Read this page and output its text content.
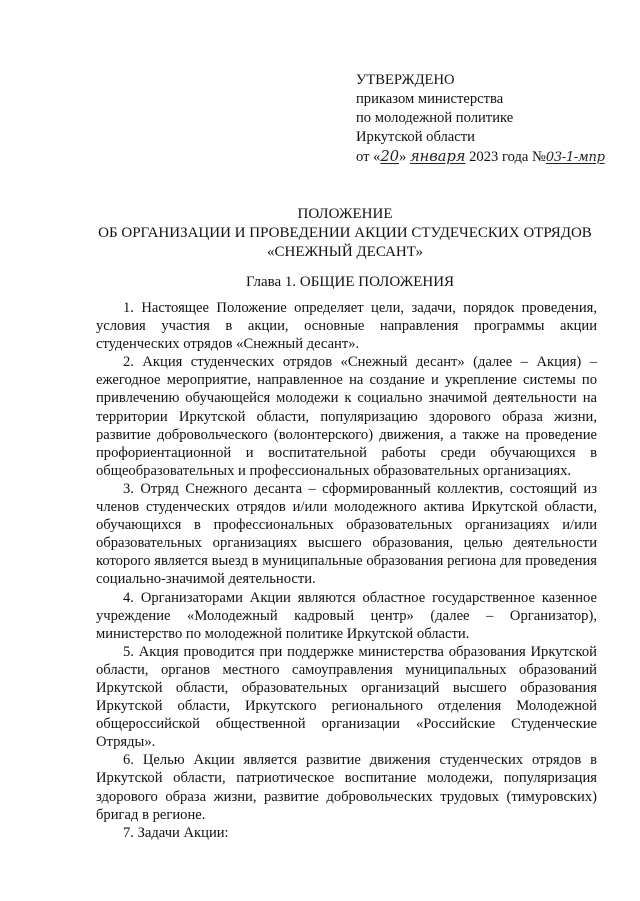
УТВЕРЖДЕНО
приказом министерства
по молодежной политике
Иркутской области
от «20» января 2023 года №03-1-мпр
ПОЛОЖЕНИЕ
ОБ ОРГАНИЗАЦИИ И ПРОВЕДЕНИИ АКЦИИ СТУДЕЧЕСКИХ ОТРЯДОВ
«СНЕЖНЫЙ ДЕСАНТ»
Глава 1. ОБЩИЕ ПОЛОЖЕНИЯ

1. Настоящее Положение определяет цели, задачи, порядок проведения, условия участия в акции, основные направления программы акции студенческих отрядов «Снежный десант».

2. Акция студенческих отрядов «Снежный десант» (далее – Акция) – ежегодное мероприятие, направленное на создание и укрепление системы по привлечению обучающейся молодежи к социально значимой деятельности на территории Иркутской области, популяризацию здорового образа жизни, развитие добровольческого (волонтерского) движения, а также на проведение профориентационной и воспитательной работы среди обучающихся в общеобразовательных и профессиональных образовательных организациях.

3. Отряд Снежного десанта – сформированный коллектив, состоящий из членов студенческих отрядов и/или молодежного актива Иркутской области, обучающихся в профессиональных образовательных организациях и/или образовательных организациях высшего образования, целью деятельности которого является выезд в муниципальные образования региона для проведения социально-значимой деятельности.

4. Организаторами Акции являются областное государственное казенное учреждение «Молодежный кадровый центр» (далее – Организатор), министерство по молодежной политике Иркутской области.

5. Акция проводится при поддержке министерства образования Иркутской области, органов местного самоуправления муниципальных образований Иркутской области, образовательных организаций высшего образования Иркутской области, Иркутского регионального отделения Молодежной общероссийской общественной организации «Российские Студенческие Отряды».

6. Целью Акции является развитие движения студенческих отрядов в Иркутской области, патриотическое воспитание молодежи, популяризация здорового образа жизни, развитие добровольческих трудовых (тимуровских) бригад в регионе.

7. Задачи Акции:
